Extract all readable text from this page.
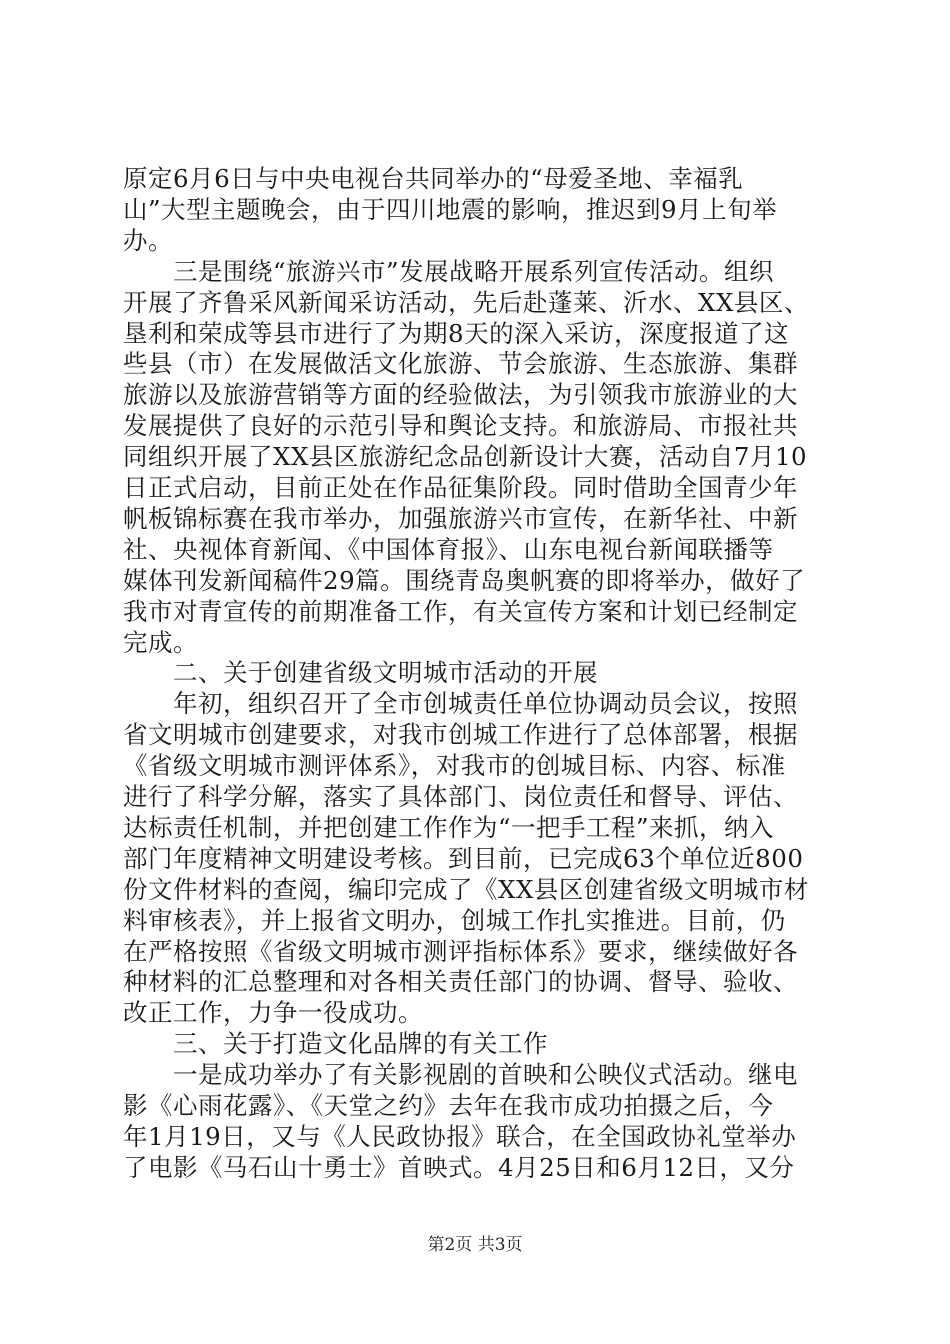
原定6月6日与中央电视台共同举办的“母爱圣地、幸福乳
山”大型主题晚会，由于四川地震的影响，推迟到9月上旬举
办。
　　三是围绕“旅游兴市”发展战略开展系列宣传活动。组织
开展了齐鲁采风新闻采访活动，先后赴蓬莱、沂水、XX县区、
垦利和荣成等县市进行了为期8天的深入采访，深度报道了这
些县（市）在发展做活文化旅游、节会旅游、生态旅游、集群
旅游以及旅游营销等方面的经验做法，为引领我市旅游业的大
发展提供了良好的示范引导和舆论支持。和旅游局、市报社共
同组织开展了XX县区旅游纪念品创新设计大赛，活动自7月10
日正式启动，目前正处在作品征集阶段。同时借助全国青少年
帆板锦标赛在我市举办，加强旅游兴市宣传，在新华社、中新
社、央视体育新闻、《中国体育报》、山东电视台新闻联播等
媒体刊发新闻稿件29篇。围绕青岛奥帆赛的即将举办，做好了
我市对青宣传的前期准备工作，有关宣传方案和计划已经制定
完成。
　　二、关于创建省级文明城市活动的开展
　　年初，组织召开了全市创城责任单位协调动员会议，按照
省文明城市创建要求，对我市创城工作进行了总体部署，根据
《省级文明城市测评体系》，对我市的创城目标、内容、标准
进行了科学分解，落实了具体部门、岗位责任和督导、评估、
达标责任机制，并把创建工作作为“一把手工程”来抓，纳入
部门年度精神文明建设考核。到目前，已完成63个单位近800
份文件材料的查阅，编印完成了《XX县区创建省级文明城市材
料审核表》，并上报省文明办，创城工作扎实推进。目前，仍
在严格按照《省级文明城市测评指标体系》要求，继续做好各
种材料的汇总整理和对各相关责任部门的协调、督导、验收、
改正工作，力争一役成功。
　　三、关于打造文化品牌的有关工作
　　一是成功举办了有关影视剧的首映和公映仪式活动。继电
影《心雨花露》、《天堂之约》去年在我市成功拍摄之后，今
年1月19日，又与《人民政协报》联合，在全国政协礼堂举办
了电影《马石山十勇士》首映式。4月25日和6月12日，又分
第2页 共3页
